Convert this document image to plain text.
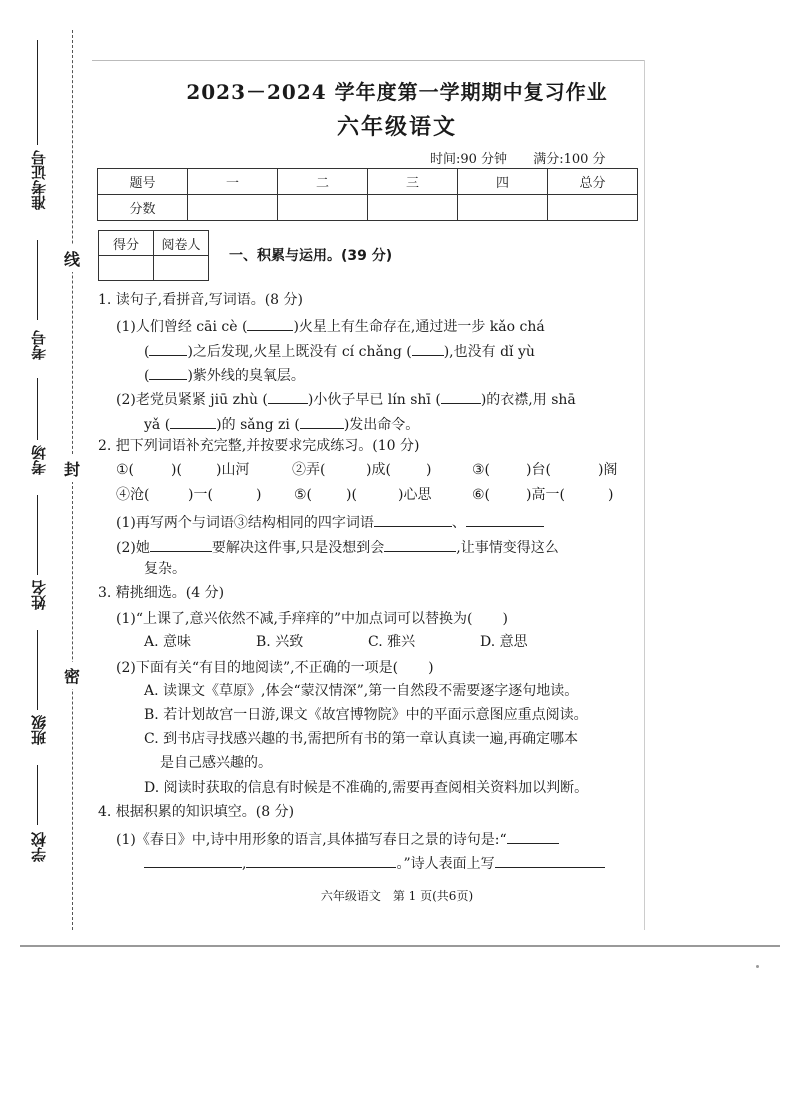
线
封
密
准考证号
考号
考场
姓名
班级
学校
2023－2024 学年度第一学期期中复习作业
六年级语文
时间:90 分钟 满分:100 分
题号	一	二	三	四	总分
分数					
得分	阅卷人

一、积累与运用。(39 分)
1. 读句子,看拼音,写词语。(8 分)
(1)人们曾经 cāi cè (	)火星上有生命存在,通过进一步 kǎo chá
(	)之后发现,火星上既没有 cí chǎng ( ),也没有 dǐ yù
(	)紫外线的臭氧层。
(2)老党员紧紧 jiū zhù (	)小伙子早已 lín shī (	)的衣襟,用 shā
yǎ (	)的 sǎng zi (	)发出命令。
2. 把下列词语补充完整,并按要求完成练习。(10 分)
①(	)( )山河	②弄(	)成(	)	③(	)台(	)阁
④沧(	)一(	) ⑤( )(	)心思	⑥(	)高一(	)
(1)再写两个与词语③结构相同的四字词语	、
(2)她	要解决这件事,只是没想到会	,让事情变得这么
复杂。
3. 精挑细选。(4 分)
(1)“上课了,意兴依然不减,手痒痒的”中加点词可以替换为( )
A. 意味	B. 兴致	C. 雅兴	D. 意思
(2)下面有关“有目的地阅读”,不正确的一项是( )
A. 读课文《草原》,体会“蒙汉情深”,第一自然段不需要逐字逐句地读。
B. 若计划故宫一日游,课文《故宫博物院》中的平面示意图应重点阅读。
C. 到书店寻找感兴趣的书,需把所有书的第一章认真读一遍,再确定哪本
是自己感兴趣的。
D. 阅读时获取的信息有时候是不准确的,需要再查阅相关资料加以判断。
4. 根据积累的知识填空。(8 分)
(1)《春日》中,诗中用形象的语言,具体描写春日之景的诗句是:“
,	。”诗人表面上写
六年级语文　第 1 页(共6页)
